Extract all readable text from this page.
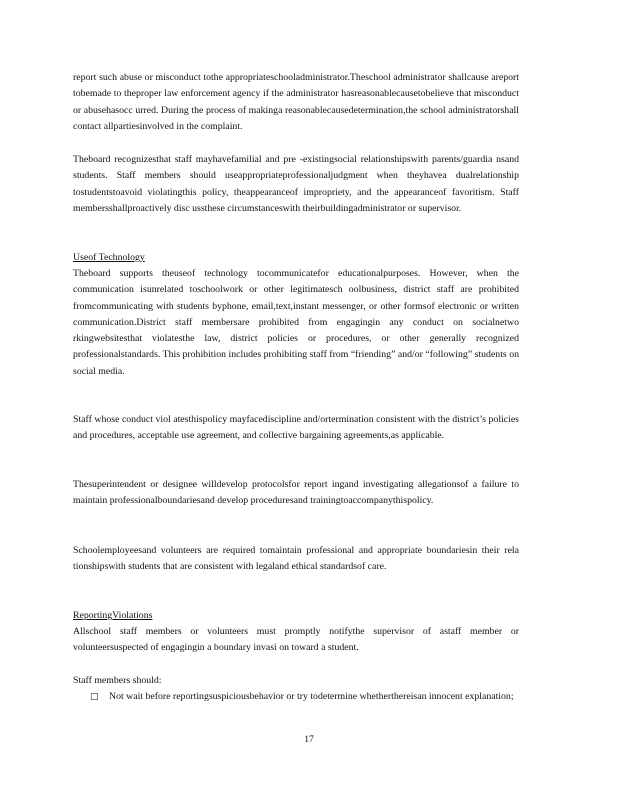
report such abuse or misconduct tothe appropriateschooladministrator.Theschool administrator shallcause areport tobemade to theproper law enforcement agency if the administrator hasreasonablecausetobelieve that misconduct or abusehasocc urred. During the process of makinga reasonablecausedetermination,the school administratorshall contact allpartiesinvolved in the complaint.

Theboard recognizesthat staff mayhavefamilial and pre -existingsocial relationshipswith parents/guardia nsand students. Staff members should useappropriateprofessionaljudgment when theyhavea dualrelationship tostudentstoavoid violatingthis policy, theappearanceof impropriety, and the appearanceof favoritism. Staff membersshallproactively disc ussthese circumstanceswith theirbuildingadministrator or supervisor.

Useof Technology

Theboard supports theuseof technology tocommunicatefor educationalpurposes. However, when the communication isunrelated toschoolwork or other legitimatesch oolbusiness, district staff are prohibited fromcommunicating with students byphone, email,text,instant messenger, or other formsof electronic or written communication.District staff membersare prohibited from engagingin any conduct on socialnetwo rkingwebsitesthat violatesthe law, district policies or procedures, or other generally recognized professionalstandards. This prohibition includes prohibiting staff from “friending” and/or “following” students on social media.

Staff whose conduct viol atesthispolicy mayfacediscipline and/ortermination consistent with the district’s policies and procedures, acceptable use agreement, and collective bargaining agreements,as applicable.

Thesuperintendent or designee willdevelop protocolsfor report ingand investigating allegationsof a failure to maintain professionalboundariesand develop proceduresand trainingtoaccompanythispolicy.

Schoolemployeesand volunteers are required tomaintain professional and appropriate boundariesin their rela tionshipswith students that are consistent with legaland ethical standardsof care.

ReportingViolations

Allschool staff members or volunteers must promptly notifythe supervisor of astaff member or volunteersuspected of engagingin a boundary invasi on toward a student.

Staff members should:

□	Not wait before reportingsuspiciousbehavior or try todetermine whetherthereisan innocent explanation;
17
